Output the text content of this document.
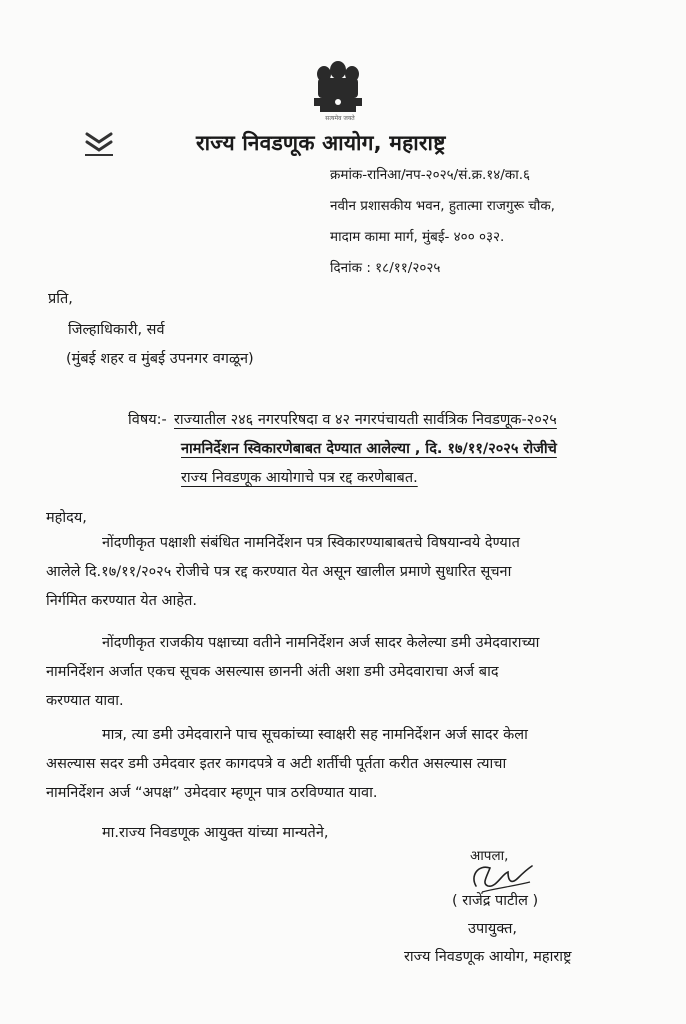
सत्यमेव जयते
राज्य निवडणूक आयोग, महाराष्ट्र
क्रमांक-रानिआ/नप-२०२५/सं.क्र.१४/का.६
नवीन प्रशासकीय भवन, हुतात्मा राजगुरू चौक,
मादाम कामा मार्ग, मुंबई- ४०० ०३२.
दिनांक : १८/११/२०२५
प्रति,
जिल्हाधिकारी, सर्व
(मुंबई शहर व मुंबई उपनगर वगळून)
विषय:- राज्यातील २४६ नगरपरिषदा व ४२ नगरपंचायती सार्वत्रिक निवडणूक-२०२५
नामनिर्देशन स्विकारणेबाबत देण्यात आलेल्या , दि. १७/११/२०२५ रोजीचे
राज्य निवडणूक आयोगाचे पत्र रद्द करणेबाबत.
महोदय,
नोंदणीकृत पक्षाशी संबंधित नामनिर्देशन पत्र स्विकारण्याबाबतचे विषयान्वये देण्यात
आलेले दि.१७/११/२०२५ रोजीचे पत्र रद्द करण्यात येत असून खालील प्रमाणे सुधारित सूचना
निर्गमित करण्यात येत आहेत.
नोंदणीकृत राजकीय पक्षाच्या वतीने नामनिर्देशन अर्ज सादर केलेल्या डमी उमेदवाराच्या
नामनिर्देशन अर्जात एकच सूचक असल्यास छाननी अंती अशा डमी उमेदवाराचा अर्ज बाद
करण्यात यावा.
मात्र, त्या डमी उमेदवाराने पाच सूचकांच्या स्वाक्षरी सह नामनिर्देशन अर्ज सादर केला
असल्यास सदर डमी उमेदवार इतर कागदपत्रे व अटी शर्तीची पूर्तता करीत असल्यास त्याचा
नामनिर्देशन अर्ज “अपक्ष” उमेदवार म्हणून पात्र ठरविण्यात यावा.
मा.राज्य निवडणूक आयुक्त यांच्या मान्यतेने,
आपला,
( राजेंद्र पाटील )
उपायुक्त,
राज्य निवडणूक आयोग, महाराष्ट्र
